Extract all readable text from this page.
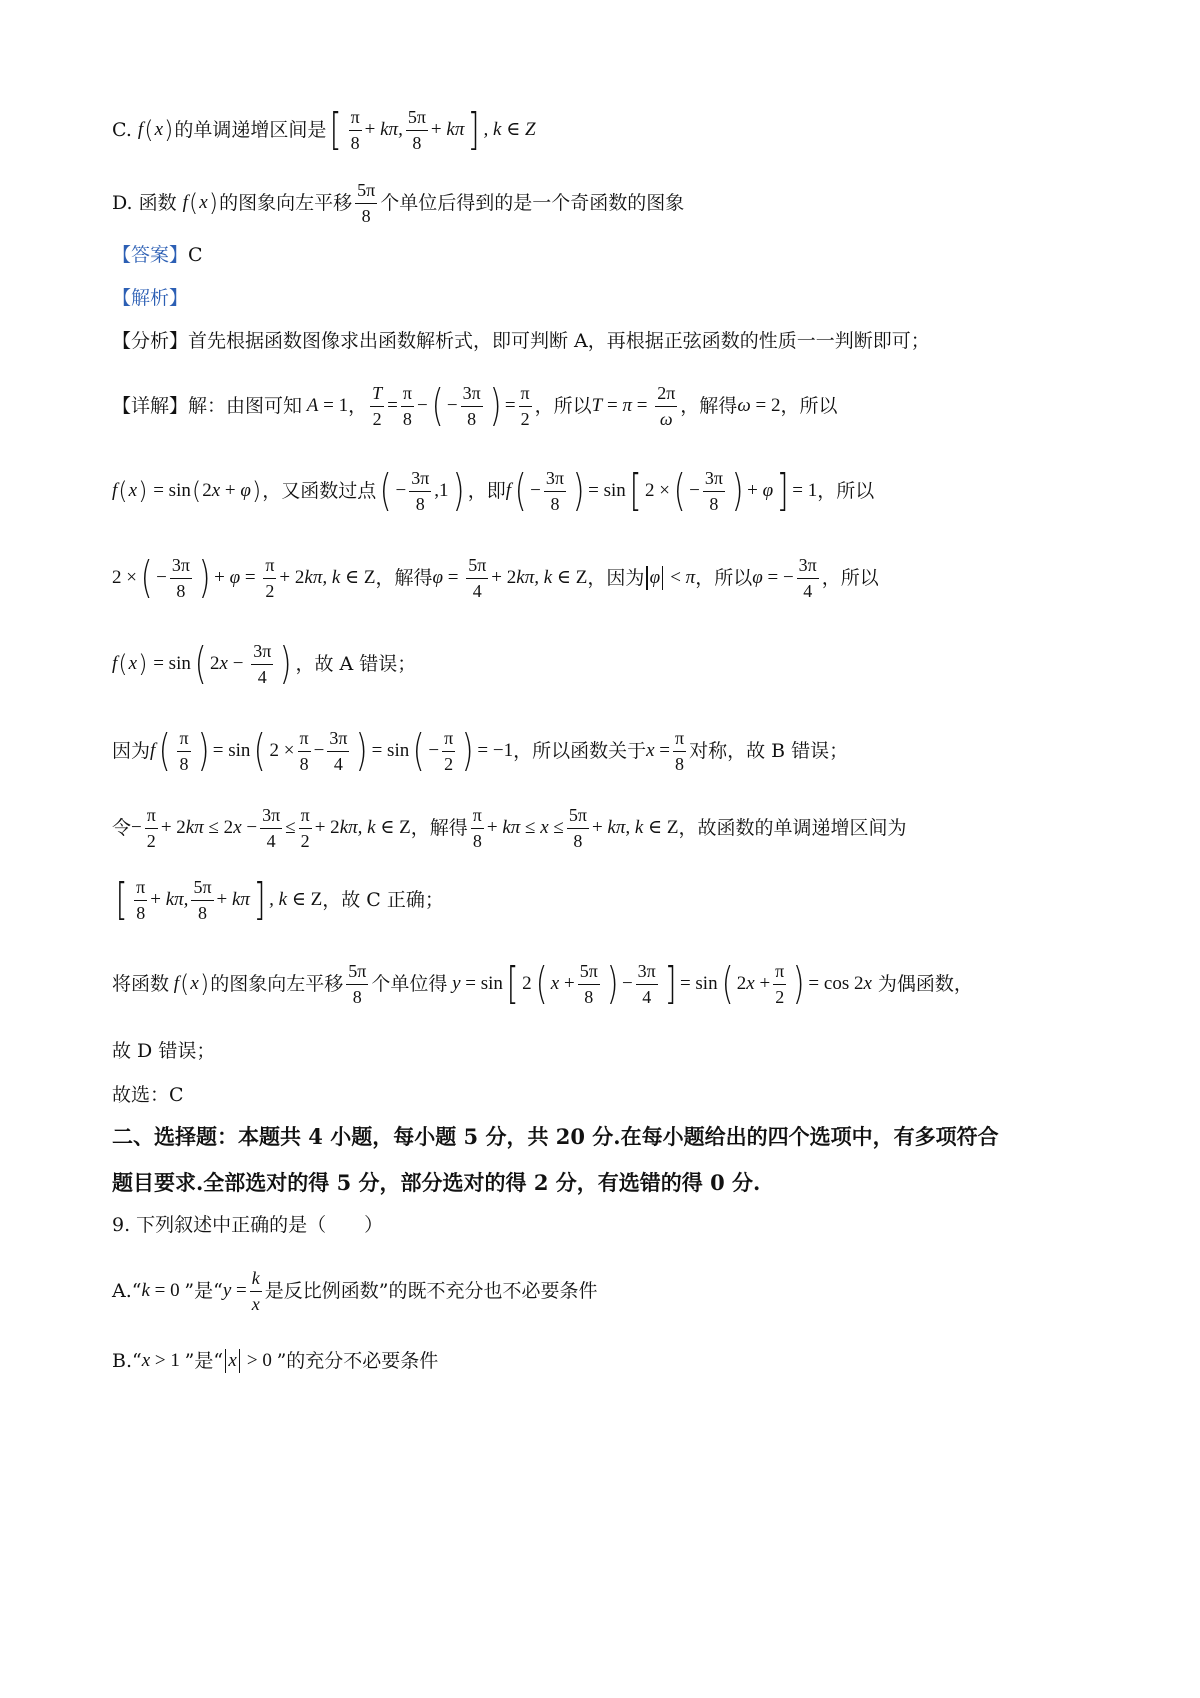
C. f ( x ) 的单调递增区间是 [ $\frac{\pi}{8} + k\pi$, $\frac{5\pi}{8} + k\pi$ ] , k ∈ Z
D. 函数 f ( x ) 的图象向左平移 $\frac{5\pi}{8}$ 个单位后得到的是一个奇函数的图象
【答案】 C
【解析】
【分析】 首先根据函数图像求出函数解析式，即可判断 A，再根据正弦函数的性质一一判断即可；
【详解】 解：由图可知 A = 1 ， $\frac{T}{2} = \frac{\pi}{8}$ − ( − $\frac{3\pi}{8}$ ) = $\frac{\pi}{2}$ ，所以 $T = \pi = \frac{2\pi}{\omega}$ ，解得 ω = 2 ，所以
f ( x ) = sin ( 2 x + φ ) ，又函数过点 ( − $\frac{3\pi}{8} ,1$ ) ，即 f ( − $\frac{3\pi}{8}$ ) = sin [ 2 × ( − $\frac{3\pi}{8}$ ) + φ ] = 1 ，所以
2 × ( − $\frac{3\pi}{8}$ ) + $\varphi = \frac{\pi}{2} + 2$ kπ, k ∈ Z ，解得 $\varphi = \frac{5\pi}{4} + 2$ kπ, k ∈ Z ，因为 φ < π ，所以 φ = − $\frac{3\pi}{4}$ ，所以
f ( x ) = sin ( 2 $x - \frac{3\pi}{4}$ ) ，故 A 错误；
因为 f ( $\frac{\pi}{8}$ ) = sin ( $2 \times \frac{\pi}{8} - \frac{3\pi}{4}$ ) = sin ( − $\frac{\pi}{2}$ ) = −1 ，所以函数关于 $x = \frac{\pi}{8}$ 对称，故 B 错误；
令 − $\frac{\pi}{2} + 2$ kπ ≤ 2 $x - \frac{3\pi}{4} \le \frac{\pi}{2} + 2$ kπ, k ∈ Z ，解得 $\frac{\pi}{8} + k\pi \le x \le \frac{5\pi}{8} + k\pi$, k ∈ Z ，故函数的单调递增区间为
[ $\frac{\pi}{8} + k\pi$, $\frac{5\pi}{8} + k\pi$ ] , k ∈ Z ，故 C 正确；
将函数 f ( x ) 的图象向左平移 $\frac{5\pi}{8}$ 个单位得 y = sin [ 2 ( $x + \frac{5\pi}{8}$ ) − $\frac{3\pi}{4}$ ] = sin ( 2 $x + \frac{\pi}{2}$ ) = cos 2 x 为偶函数，
故 D 错误；
故选：C
二、选择题：本题共 4 小题，每小题 5 分，共 20 分.在每小题给出的四个选项中，有多项符合
题目要求.全部选对的得 5 分，部分选对的得 2 分，有选错的得 0 分.
9. 下列叙述中正确的是（　　）
A. “ k = 0 ”是“ $y = \frac{k}{x}$ 是反比例函数”的既不充分也不必要条件
B. “ x > 1 ”是“ x > 0 ”的充分不必要条件
